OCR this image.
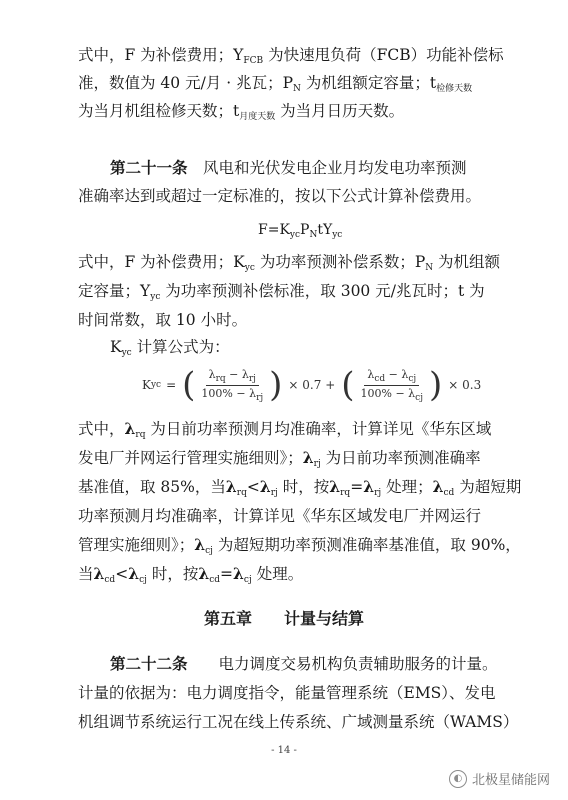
式中，F 为补偿费用；$Y_{FCB}$ 为快速甩负荷（FCB）功能补偿标
准，数值为 40 元/月 · 兆瓦；$P_N$ 为机组额定容量；$t_{检修天数}$
为当月机组检修天数；$t_{月度天数}$ 为当月日历天数。
第二十一条　风电和光伏发电企业月均发电功率预测
准确率达到或超过一定标准的，按以下公式计算补偿费用。
$F=K_{yc}P_NtY_{yc}$
式中，F 为补偿费用；$K_{yc}$ 为功率预测补偿系数；$P_N$ 为机组额
定容量；$Y_{yc}$ 为功率预测补偿标准，取 300 元/兆瓦时；t 为
时间常数，取 10 小时。
$K_{yc}$ 计算公式为：
K yc = ( $\frac{\lambda_{rq} - \lambda_{rj}}{100\% - \lambda_{rj}}$ ) × 0.7 + ( $\frac{\lambda_{cd} - \lambda_{cj}}{100\% - \lambda_{cj}}$ ) × 0.3
式中，$\lambda_{rq}$ 为日前功率预测月均准确率，计算详见《华东区域
发电厂并网运行管理实施细则》；$\lambda_{rj}$ 为日前功率预测准确率
基准值，取 85%，当$\lambda_{rq}<\lambda_{rj}$ 时，按$\lambda_{rq}=\lambda_{rj}$ 处理；$\lambda_{cd}$ 为超短期
功率预测月均准确率，计算详见《华东区域发电厂并网运行
管理实施细则》；$\lambda_{cj}$ 为超短期功率预测准确率基准值，取 90%，
当$\lambda_{cd}<\lambda_{cj}$ 时，按$\lambda_{cd}=\lambda_{cj}$ 处理。
第五章　　计量与结算
第二十二条　　电力调度交易机构负责辅助服务的计量。
计量的依据为：电力调度指令，能量管理系统（EMS）、发电
机组调节系统运行工况在线上传系统、广域测量系统（WAMS）
- 14 -
◐ 北极星储能网
